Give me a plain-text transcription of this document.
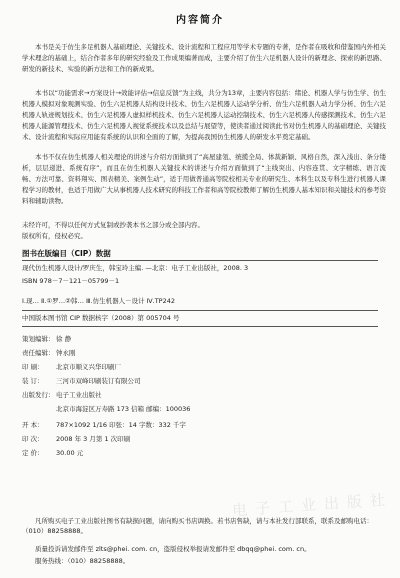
内容简介

本书是关于仿生多足机器人基础理论、关键技术、设计流程和工程应用等学术专题的专著，是作者在吸收和借鉴国内外相关学术理念的基础上，结合作者多年的研究经验及工作成果编著而成，主要介绍了仿生六足机器人设计的新理念、探索的新思路、研发的新技术、实验的新方法和工作的新成果。

本书以“功能需求→方案设计→效能评估→信息反馈”为主线，共分为13章，主要内容包括：绪论、机器人学与仿生学、仿生机器人模拟对象观测实验、仿生六足机器人结构设计技术、仿生六足机器人运动学分析、仿生六足机器人动力学分析、仿生六足机器人轨迹规划技术、仿生六足机器人虚拟样机技术、仿生六足机器人运动控制技术、仿生六足机器人传感探测技术、仿生六足机器人能源管理技术、仿生六足机器人视觉系统技术以及总结与展望等，使读者通过阅读此书对仿生机器人的基础理论、关键技术、设计流程和实际应用能有系统的认识和全面的了解，为提高我国仿生机器人的研发水平奠定基础。

本书不仅在仿生机器人相关理论的讲述与介绍方面做到了“高屋建瓴、统揽全局、体裁新颖、风格自然，深入浅出、条分缕析，层层递进、系统有序”，而且在仿生机器人关键技术的讲述与介绍方面做到了“主线突出、内容连贯、文字精练、语言流畅、方法可靠、资料翔实、图表精美、案例生动”，适于用做普通高等院校相关专业的研究生、本科生以及专科生进行机器人课程学习的教材，也适于用做广大从事机器人技术研究的科技工作者和高等院校教师了解仿生机器人基本知识和关键技术的参考资料和辅助读物。

未经许可，不得以任何方式复制或抄袭本书之部分或全部内容。
版权所有，侵权必究。

图书在版编目（CIP）数据
现代仿生机器人设计/罗庆生，韩宝玲主编. —北京：电子工业出版社，2008. 3
ISBN 978－7－121－05799－1
Ⅰ.现… Ⅱ.①罗…②韩… Ⅲ.仿生机器人－设计 Ⅳ.TP242
中国版本图书馆 CIP 数据核字（2008）第 005704 号
策划编辑： 徐 静
责任编辑： 钟永刚
印 刷： 北京市顺义兴华印刷厂
装 订： 三河市双峰印刷装订有限公司
出版发行： 电子工业出版社
北京市海淀区万寿路 173 信箱 邮编：100036
开 本： 787×1092 1/16 印张：14 字数：332 千字
印 次： 2008 年 3 月第 1 次印刷
定 价： 30.00 元
电子工业出版社
凡所购买电子工业出版社图书有缺损问题，请向购买书店调换。若书店售缺，请与本社发行部联系，联系及邮购电话：（010）88258888。
质量投诉请发邮件至 zlts@phei. com. cn，盗版侵权举报请发邮件至 dbqq@phei. com. cn。
服务热线：（010）88258888。
